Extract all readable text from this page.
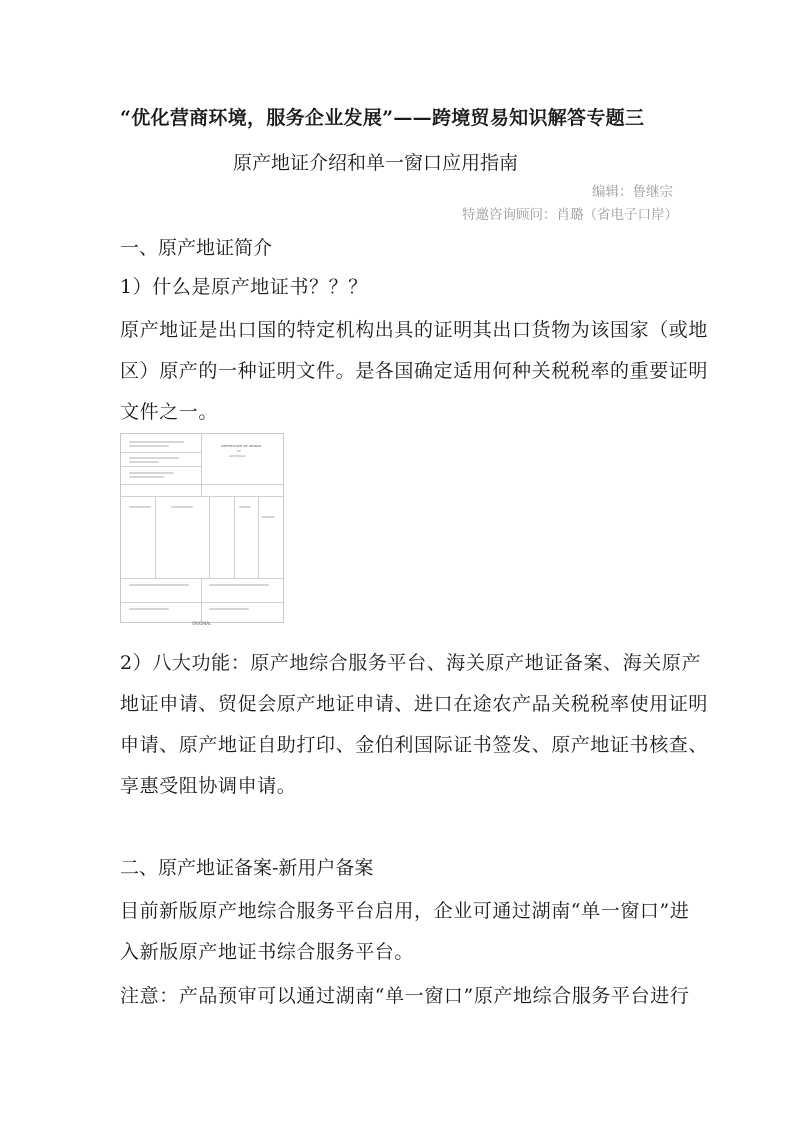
“优化营商环境，服务企业发展”——跨境贸易知识解答专题三
原产地证介绍和单一窗口应用指南
编辑：鲁继宗
特邀咨询顾问：肖璐（省电子口岸）
一、原产地证简介
1）什么是原产地证书？？？
原产地证是出口国的特定机构出具的证明其出口货物为该国家（或地
区）原产的一种证明文件。是各国确定适用何种关税税率的重要证明
文件之一。
CERTIFICATE OF ORIGIN
OF
AUSTRALIA
ORIGINAL
2）八大功能：原产地综合服务平台、海关原产地证备案、海关原产
地证申请、贸促会原产地证申请、进口在途农产品关税税率使用证明
申请、原产地证自助打印、金伯利国际证书签发、原产地证书核查、
享惠受阻协调申请。
二、原产地证备案-新用户备案
目前新版原产地综合服务平台启用，企业可通过湖南“单一窗口”进
入新版原产地证书综合服务平台。
注意：产品预审可以通过湖南“单一窗口”原产地综合服务平台进行
